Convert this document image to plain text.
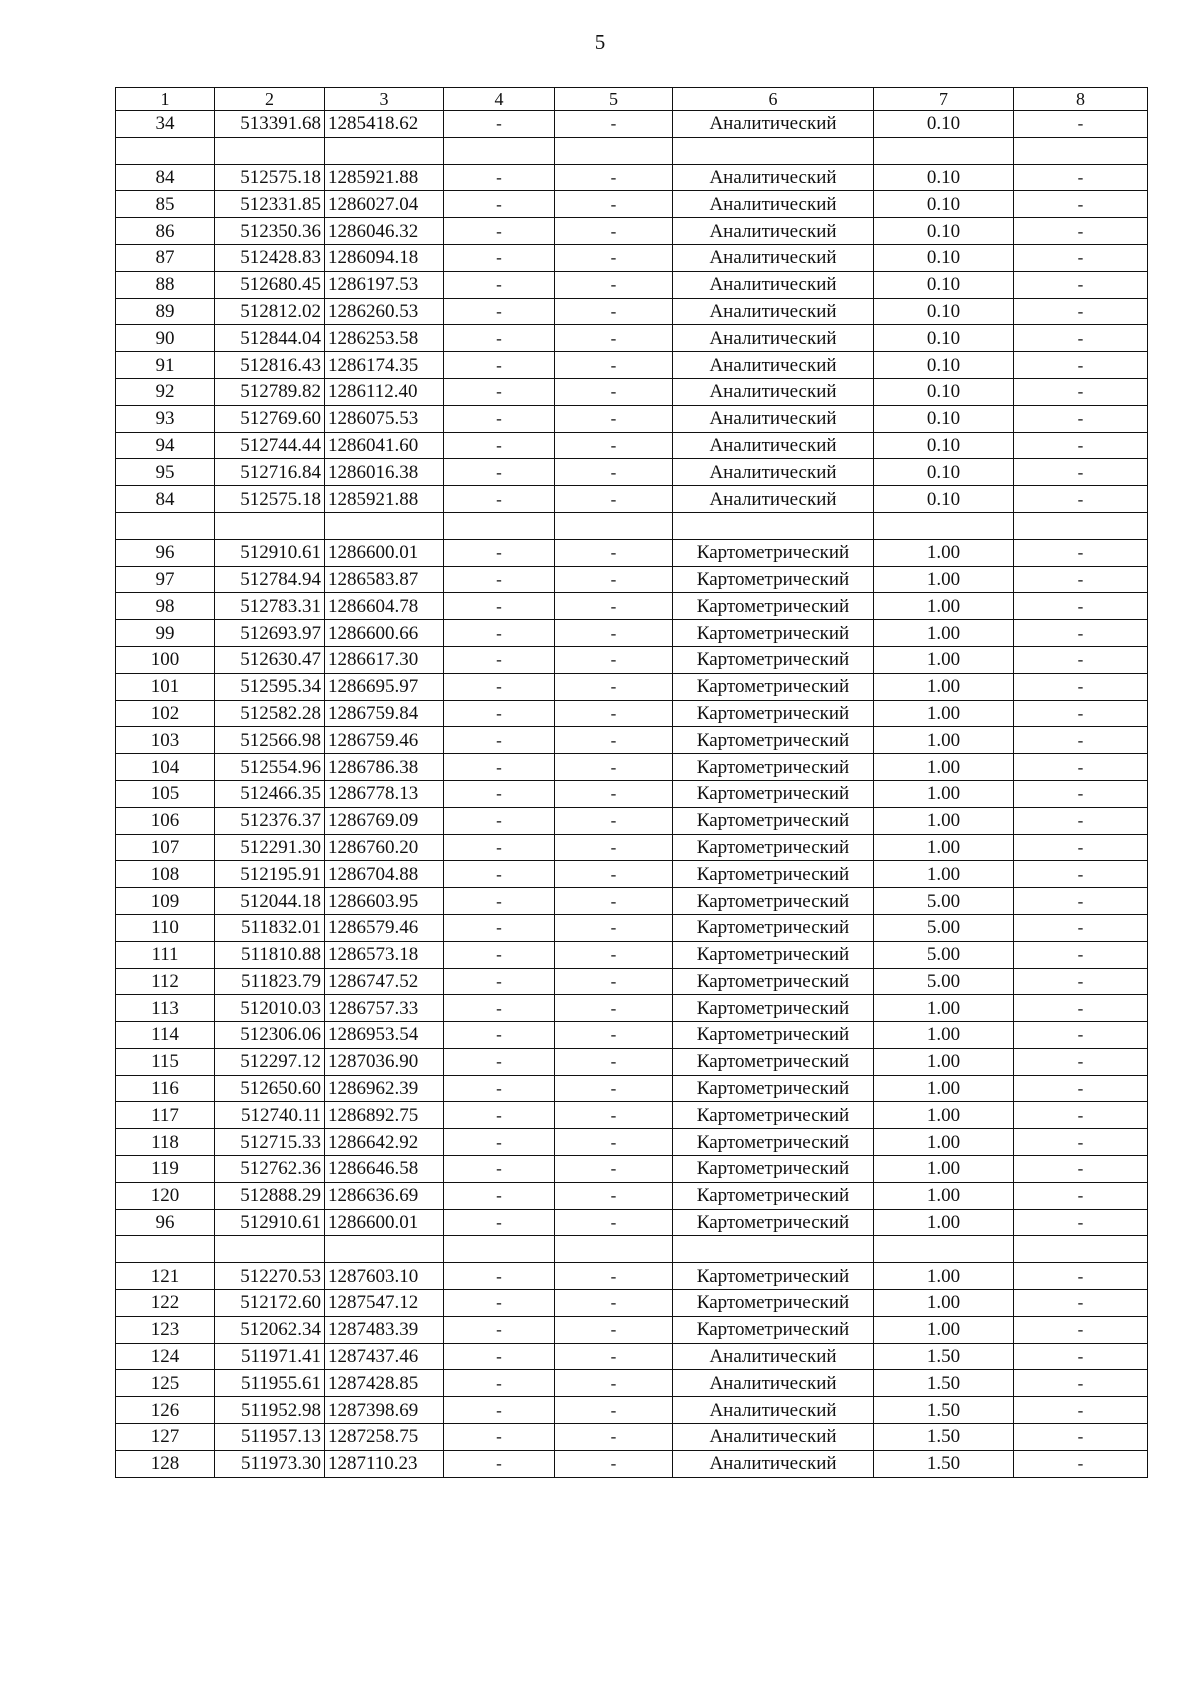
5
1	2	3	4	5	6	7	8
34	513391.68	1285418.62	-	-	Аналитический	0.10	-

84	512575.18	1285921.88	-	-	Аналитический	0.10	-
85	512331.85	1286027.04	-	-	Аналитический	0.10	-
86	512350.36	1286046.32	-	-	Аналитический	0.10	-
87	512428.83	1286094.18	-	-	Аналитический	0.10	-
88	512680.45	1286197.53	-	-	Аналитический	0.10	-
89	512812.02	1286260.53	-	-	Аналитический	0.10	-
90	512844.04	1286253.58	-	-	Аналитический	0.10	-
91	512816.43	1286174.35	-	-	Аналитический	0.10	-
92	512789.82	1286112.40	-	-	Аналитический	0.10	-
93	512769.60	1286075.53	-	-	Аналитический	0.10	-
94	512744.44	1286041.60	-	-	Аналитический	0.10	-
95	512716.84	1286016.38	-	-	Аналитический	0.10	-
84	512575.18	1285921.88	-	-	Аналитический	0.10	-

96	512910.61	1286600.01	-	-	Картометрический	1.00	-
97	512784.94	1286583.87	-	-	Картометрический	1.00	-
98	512783.31	1286604.78	-	-	Картометрический	1.00	-
99	512693.97	1286600.66	-	-	Картометрический	1.00	-
100	512630.47	1286617.30	-	-	Картометрический	1.00	-
101	512595.34	1286695.97	-	-	Картометрический	1.00	-
102	512582.28	1286759.84	-	-	Картометрический	1.00	-
103	512566.98	1286759.46	-	-	Картометрический	1.00	-
104	512554.96	1286786.38	-	-	Картометрический	1.00	-
105	512466.35	1286778.13	-	-	Картометрический	1.00	-
106	512376.37	1286769.09	-	-	Картометрический	1.00	-
107	512291.30	1286760.20	-	-	Картометрический	1.00	-
108	512195.91	1286704.88	-	-	Картометрический	1.00	-
109	512044.18	1286603.95	-	-	Картометрический	5.00	-
110	511832.01	1286579.46	-	-	Картометрический	5.00	-
111	511810.88	1286573.18	-	-	Картометрический	5.00	-
112	511823.79	1286747.52	-	-	Картометрический	5.00	-
113	512010.03	1286757.33	-	-	Картометрический	1.00	-
114	512306.06	1286953.54	-	-	Картометрический	1.00	-
115	512297.12	1287036.90	-	-	Картометрический	1.00	-
116	512650.60	1286962.39	-	-	Картометрический	1.00	-
117	512740.11	1286892.75	-	-	Картометрический	1.00	-
118	512715.33	1286642.92	-	-	Картометрический	1.00	-
119	512762.36	1286646.58	-	-	Картометрический	1.00	-
120	512888.29	1286636.69	-	-	Картометрический	1.00	-
96	512910.61	1286600.01	-	-	Картометрический	1.00	-

121	512270.53	1287603.10	-	-	Картометрический	1.00	-
122	512172.60	1287547.12	-	-	Картометрический	1.00	-
123	512062.34	1287483.39	-	-	Картометрический	1.00	-
124	511971.41	1287437.46	-	-	Аналитический	1.50	-
125	511955.61	1287428.85	-	-	Аналитический	1.50	-
126	511952.98	1287398.69	-	-	Аналитический	1.50	-
127	511957.13	1287258.75	-	-	Аналитический	1.50	-
128	511973.30	1287110.23	-	-	Аналитический	1.50	-
